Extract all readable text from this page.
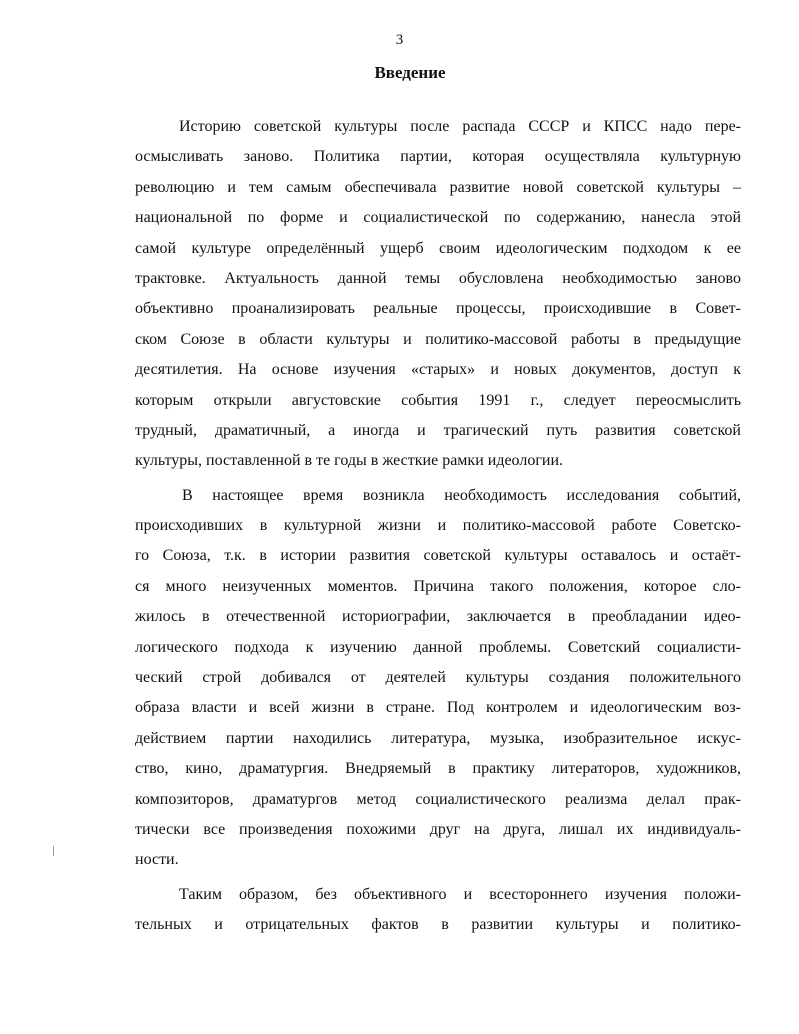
3
Введение
Историю советской культуры после распада СССР и КПСС надо пере-
осмысливать заново. Политика партии, которая осуществляла культурную
революцию и тем самым обеспечивала развитие новой советской культуры –
национальной по форме и социалистической по содержанию, нанесла этой
самой культуре определённый ущерб своим идеологическим подходом к ее
трактовке. Актуальность данной темы обусловлена необходимостью заново
объективно проанализировать реальные процессы, происходившие в Совет-
ском Союзе в области культуры и политико-массовой работы в предыдущие
десятилетия. На основе изучения «старых» и новых документов, доступ к
которым открыли августовские события 1991 г., следует переосмыслить
трудный, драматичный, а иногда и трагический путь развития советской
культуры, поставленной в те годы в жесткие рамки идеологии.
В настоящее время возникла необходимость исследования событий,
происходивших в культурной жизни и политико-массовой работе Советско-
го Союза, т.к. в истории развития советской культуры оставалось и остаёт-
ся много неизученных моментов. Причина такого положения, которое сло-
жилось в отечественной историографии, заключается в преобладании идео-
логического подхода к изучению данной проблемы. Советский социалисти-
ческий строй добивался от деятелей культуры создания положительного
образа власти и всей жизни в стране. Под контролем и идеологическим воз-
действием партии находились литература, музыка, изобразительное искус-
ство, кино, драматургия. Внедряемый в практику литераторов, художников,
композиторов, драматургов метод социалистического реализма делал прак-
тически все произведения похожими друг на друга, лишал их индивидуаль-
ности.
Таким образом, без объективного и всестороннего изучения положи-
тельных и отрицательных фактов в развитии культуры и политико-
